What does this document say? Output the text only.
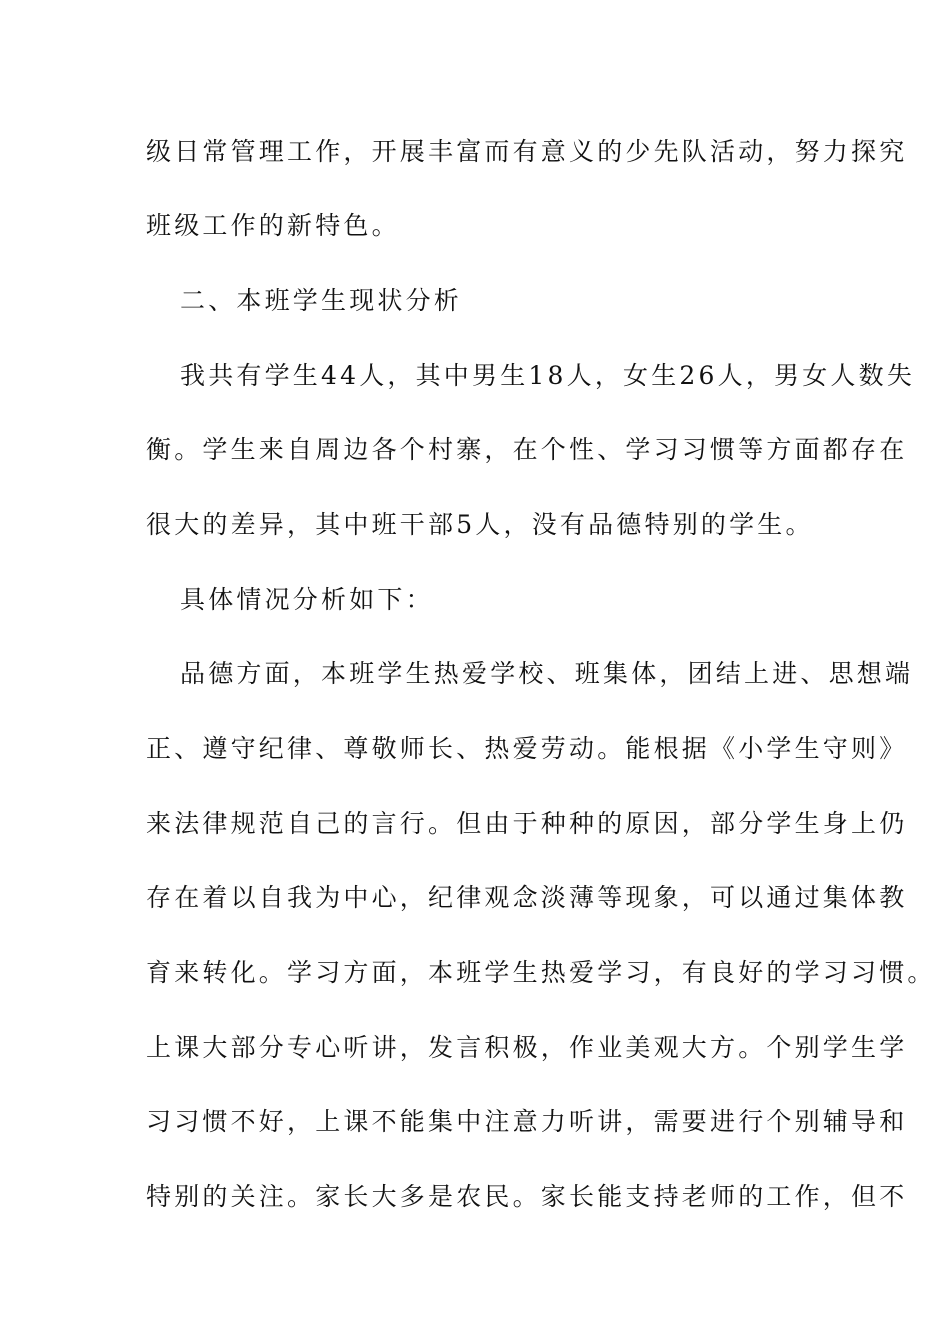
级日常管理工作，开展丰富而有意义的少先队活动，努力探究
班级工作的新特色。
二、本班学生现状分析
我共有学生44人，其中男生18人，女生26人，男女人数失
衡。学生来自周边各个村寨，在个性、学习习惯等方面都存在
很大的差异，其中班干部5人，没有品德特别的学生。
具体情况分析如下：
品德方面，本班学生热爱学校、班集体，团结上进、思想端
正、遵守纪律、尊敬师长、热爱劳动。能根据《小学生守则》
来法律规范自己的言行。但由于种种的原因，部分学生身上仍
存在着以自我为中心，纪律观念淡薄等现象，可以通过集体教
育来转化。学习方面，本班学生热爱学习，有良好的学习习惯。
上课大部分专心听讲，发言积极，作业美观大方。个别学生学
习习惯不好，上课不能集中注意力听讲，需要进行个别辅导和
特别的关注。家长大多是农民。家长能支持老师的工作，但不
